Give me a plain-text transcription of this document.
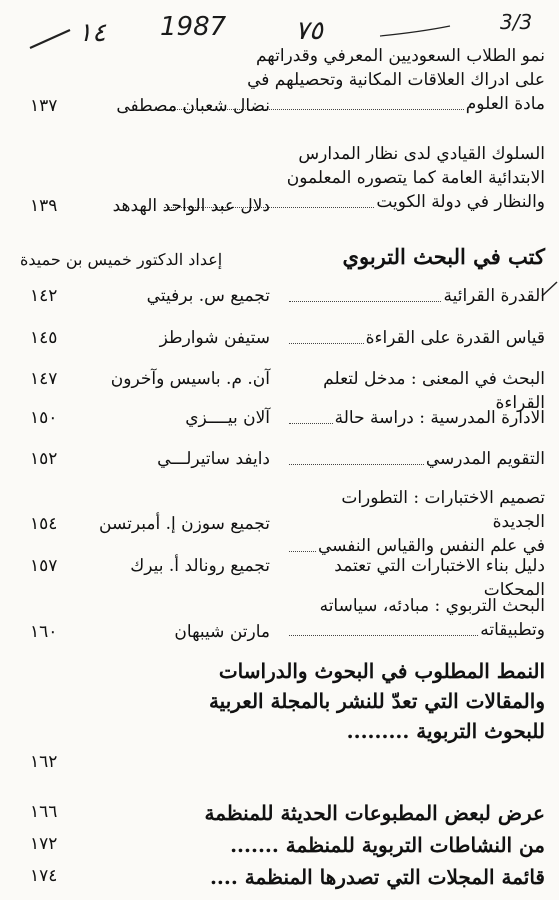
١٤ 1987	٧٥	3/3
نمو الطلاب السعوديين المعرفي وقدراتهم
على ادراك العلاقات المكانية وتحصيلهم في
مادة العلوم
نضال شعبان مصطفى
١٣٧
السلوك القيادي لدى نظار المدارس
الابتدائية العامة كما يتصوره المعلمون
والنظار في دولة الكويت
دلال عبد الواحد الهدهد
١٣٩
كتب في البحث التربوي
إعداد الدكتور خميس بن حميدة
القدرة القرائية
تجميع س. برفيتي
١٤٢
قياس القدرة على القراءة
ستيفن شوارطز
١٤٥
البحث في المعنى : مدخل لتعلم القراءة
آن. م. باسيس وآخرون
١٤٧
الادارة المدرسية : دراسة حالة
آلان بيــــزي
١٥٠
التقويم المدرسي
دايفد ساتيرلـــي
١٥٢
تصميم الاختبارات : التطورات الجديدة
في علم النفس والقياس النفسي
تجميع سوزن إ. أمبرتسن
١٥٤
دليل بناء الاختبارات التي تعتمد المحكات
تجميع رونالد أ. بيرك
١٥٧
البحث التربوي : مبادئه، سياساته
وتطبيقاته
مارتن شيبهان
١٦٠
النمط المطلوب في البحوث والدراسات
والمقالات التي تعدّ للنشر بالمجلة العربية
للبحوث التربوية .........
١٦٢
عرض لبعض المطبوعات الحديثة للمنظمة
١٦٦
من النشاطات التربوية للمنظمة .......
١٧٢
قائمة المجلات التي تصدرها المنظمة ....
١٧٤
